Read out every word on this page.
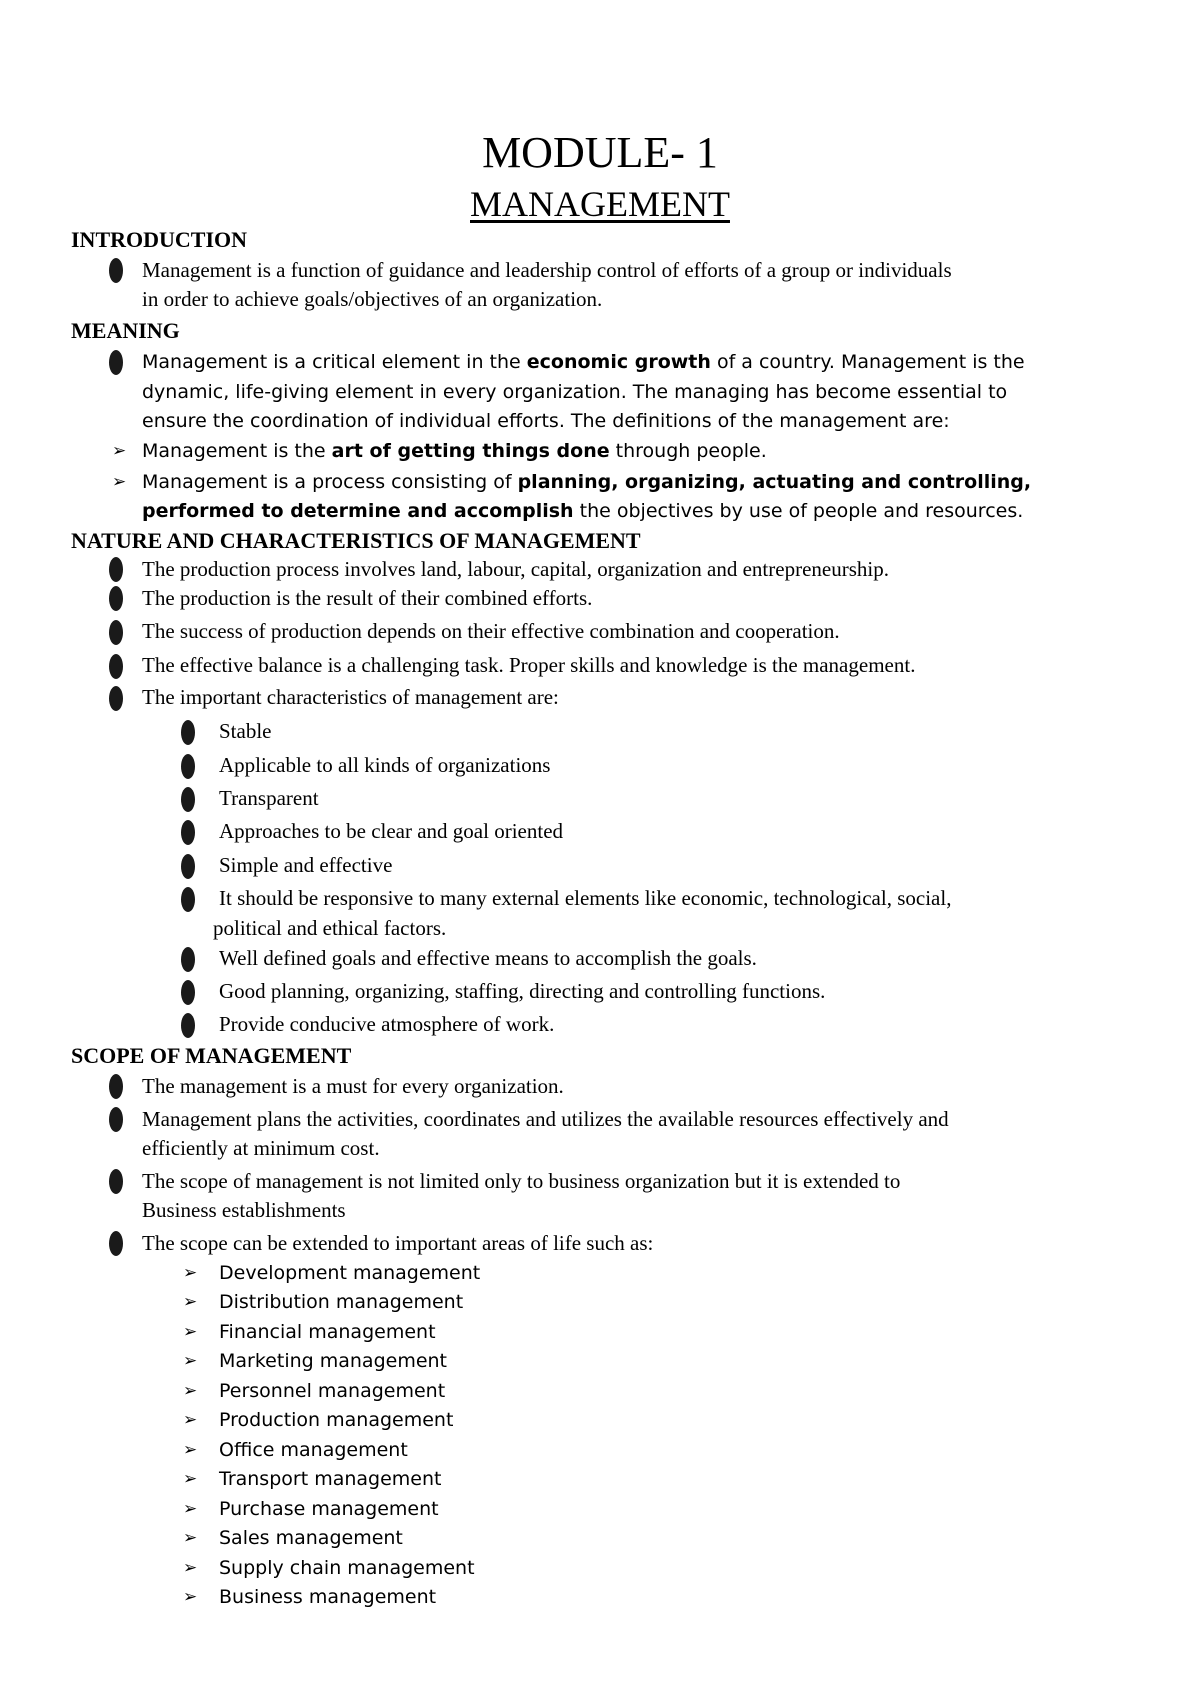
MODULE- 1
MANAGEMENT
INTRODUCTION
Management is a function of guidance and leadership control of efforts of a group or individuals
in order to achieve goals/objectives of an organization.
MEANING
Management is a critical element in the economic growth of a country. Management is the
dynamic, life-giving element in every organization. The managing has become essential to
ensure the coordination of individual efforts. The definitions of the management are:
➢ Management is the art of getting things done through people.
➢ Management is a process consisting of planning, organizing, actuating and controlling,
performed to determine and accomplish the objectives by use of people and resources.
NATURE AND CHARACTERISTICS OF MANAGEMENT
The production process involves land, labour, capital, organization and entrepreneurship.
The production is the result of their combined efforts.
The success of production depends on their effective combination and cooperation.
The effective balance is a challenging task. Proper skills and knowledge is the management.
The important characteristics of management are:
Stable
Applicable to all kinds of organizations
Transparent
Approaches to be clear and goal oriented
Simple and effective
It should be responsive to many external elements like economic, technological, social,
political and ethical factors.
Well defined goals and effective means to accomplish the goals.
Good planning, organizing, staffing, directing and controlling functions.
Provide conducive atmosphere of work.
SCOPE OF MANAGEMENT
The management is a must for every organization.
Management plans the activities, coordinates and utilizes the available resources effectively and
efficiently at minimum cost.
The scope of management is not limited only to business organization but it is extended to
Business establishments
The scope can be extended to important areas of life such as:
➢ Development management
➢ Distribution management
➢ Financial management
➢ Marketing management
➢ Personnel management
➢ Production management
➢ Office management
➢ Transport management
➢ Purchase management
➢ Sales management
➢ Supply chain management
➢ Business management
